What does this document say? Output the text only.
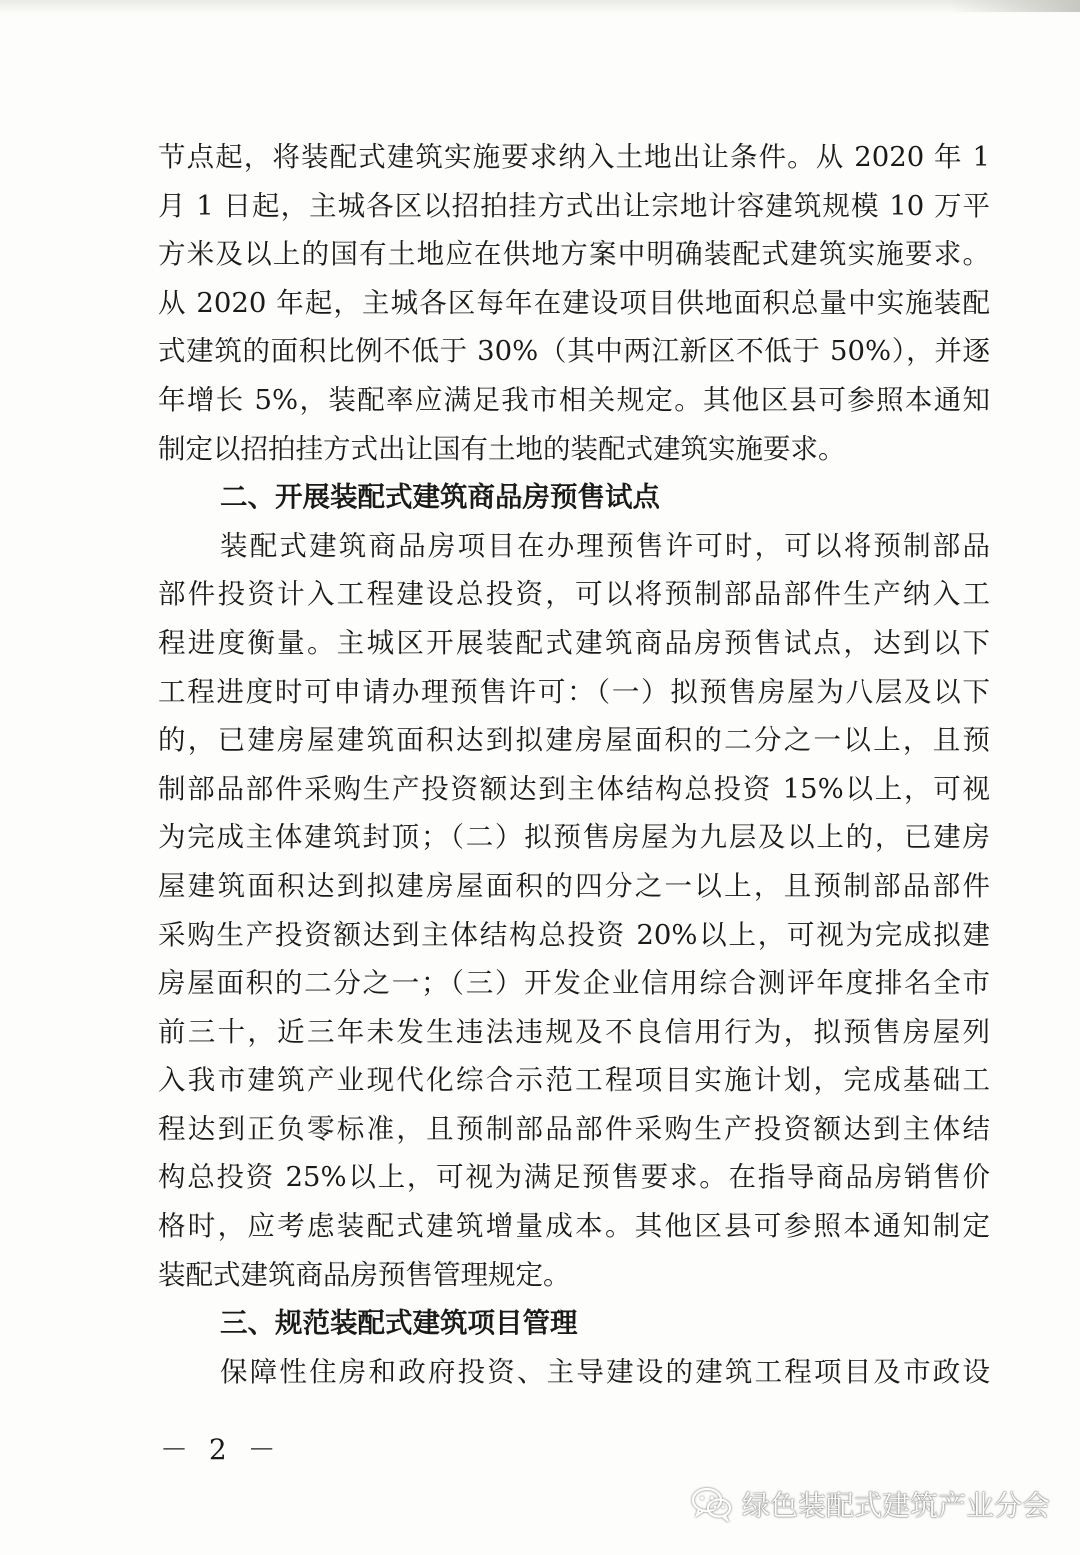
节点起，将装配式建筑实施要求纳入土地出让条件。从 2020 年 1
月 1 日起，主城各区以招拍挂方式出让宗地计容建筑规模 10 万平
方米及以上的国有土地应在供地方案中明确装配式建筑实施要求。
从 2020 年起，主城各区每年在建设项目供地面积总量中实施装配
式建筑的面积比例不低于 30%（其中两江新区不低于 50%），并逐
年增长 5%，装配率应满足我市相关规定。其他区县可参照本通知
制定以招拍挂方式出让国有土地的装配式建筑实施要求。
二、开展装配式建筑商品房预售试点
装配式建筑商品房项目在办理预售许可时，可以将预制部品
部件投资计入工程建设总投资，可以将预制部品部件生产纳入工
程进度衡量。主城区开展装配式建筑商品房预售试点，达到以下
工程进度时可申请办理预售许可：（一）拟预售房屋为八层及以下
的，已建房屋建筑面积达到拟建房屋面积的二分之一以上，且预
制部品部件采购生产投资额达到主体结构总投资 15%以上，可视
为完成主体建筑封顶；（二）拟预售房屋为九层及以上的，已建房
屋建筑面积达到拟建房屋面积的四分之一以上，且预制部品部件
采购生产投资额达到主体结构总投资 20%以上，可视为完成拟建
房屋面积的二分之一；（三）开发企业信用综合测评年度排名全市
前三十，近三年未发生违法违规及不良信用行为，拟预售房屋列
入我市建筑产业现代化综合示范工程项目实施计划，完成基础工
程达到正负零标准，且预制部品部件采购生产投资额达到主体结
构总投资 25%以上，可视为满足预售要求。在指导商品房销售价
格时，应考虑装配式建筑增量成本。其他区县可参照本通知制定
装配式建筑商品房预售管理规定。
三、规范装配式建筑项目管理
保障性住房和政府投资、主导建设的建筑工程项目及市政设
－ 2 －
绿色装配式建筑产业分会
